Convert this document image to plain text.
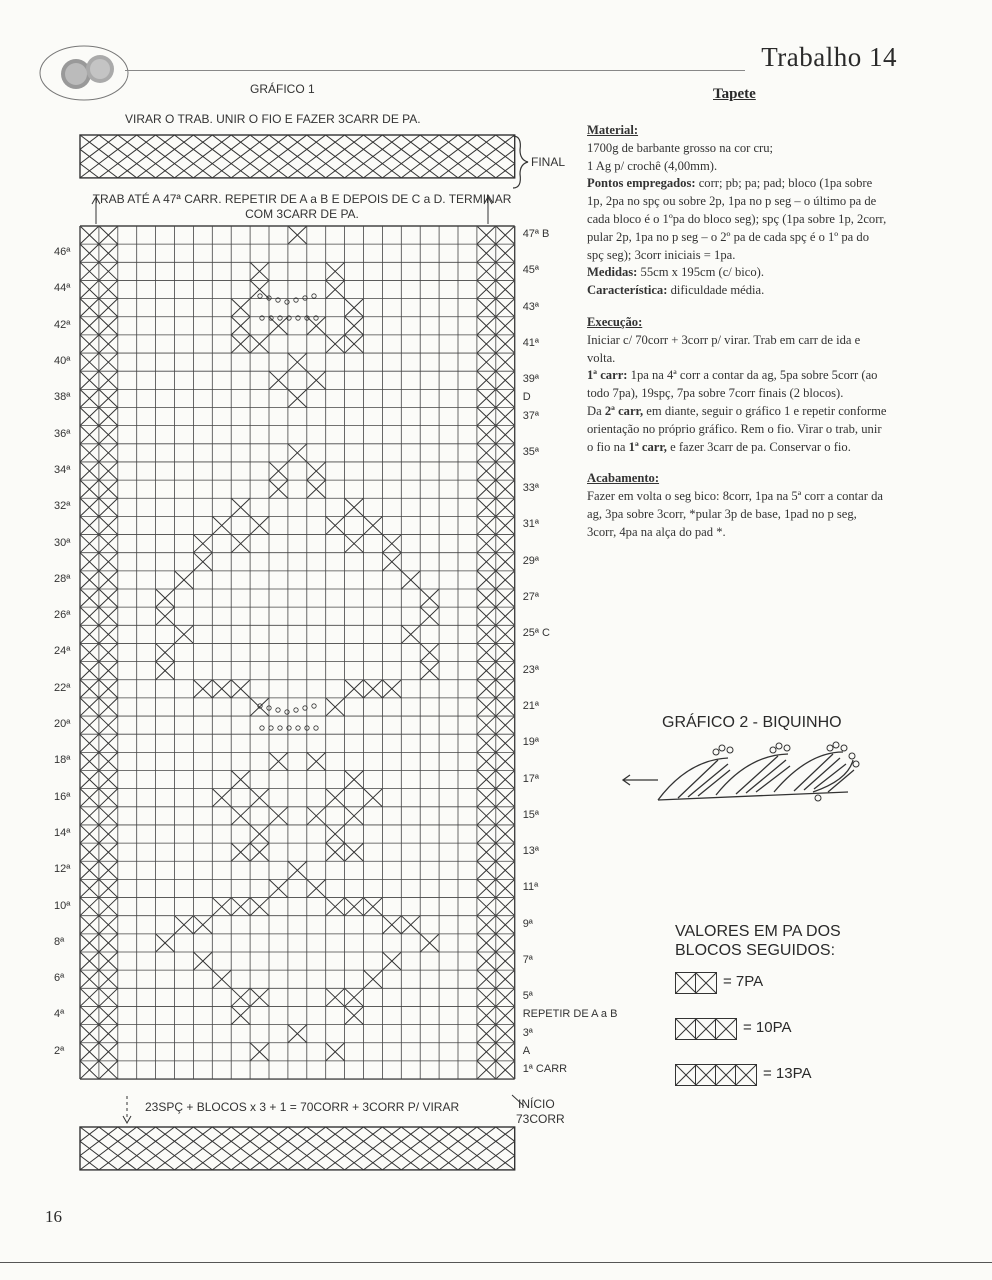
Trabalho 14
Tapete
GRÁFICO 1
VIRAR O TRAB. UNIR O FIO E FAZER 3CARR DE PA.
FINAL
TRAB ATÉ A 47ª CARR. REPETIR DE A a B E DEPOIS DE C a D. TERMINAR COM 3CARR DE PA.
23SPÇ + BLOCOS x 3 + 1 = 70CORR + 3CORR P/ VIRAR
46ª
44ª
42ª
40ª
38ª
36ª
34ª
32ª
30ª
28ª
26ª
24ª
22ª
20ª
18ª
16ª
14ª
12ª
10ª
8ª
6ª
4ª
2ª
47ª B
45ª
43ª
41ª
39ª
D
37ª
35ª
33ª
31ª
29ª
27ª
25ª C
23ª
21ª
19ª
17ª
15ª
13ª
11ª
9ª
7ª
5ª
REPETIR DE A a B
3ª
A
1ª CARR
INÍCIO
73CORR

Material:

1700g de barbante grosso na cor cru;

1 Ag p/ crochê (4,00mm).

Pontos empregados: corr; pb; pa; pad; bloco (1pa sobre 1p, 2pa no spç ou sobre 2p, 1pa no p seg – o último pa de cada bloco é o 1ºpa do bloco seg); spç (1pa sobre 1p, 2corr, pular 2p, 1pa no p seg – o 2º pa de cada spç é o 1º pa do spç seg); 3corr iniciais = 1pa.

Medidas: 55cm x 195cm (c/ bico).

Característica: dificuldade média.

Execução:

Iniciar c/ 70corr + 3corr p/ virar. Trab em carr de ida e volta.

1ª carr: 1pa na 4ª corr a contar da ag, 5pa sobre 5corr (ao todo 7pa), 19spç, 7pa sobre 7corr finais (2 blocos).

Da 2ª carr, em diante, seguir o gráfico 1 e repetir conforme orientação no próprio gráfico. Rem o fio. Virar o trab, unir o fio na 1ª carr, e fazer 3carr de pa. Conservar o fio.

Acabamento:

Fazer em volta o seg bico: 8corr, 1pa na 5ª corr a contar da ag, 3pa sobre 3corr, *pular 3p de base, 1pad no p seg, 3corr, 4pa na alça do pad *.

GRÁFICO 2 - BIQUINHO
VALORES EM PA DOS BLOCOS SEGUIDOS:
= 7PA
= 10PA
= 13PA
16
